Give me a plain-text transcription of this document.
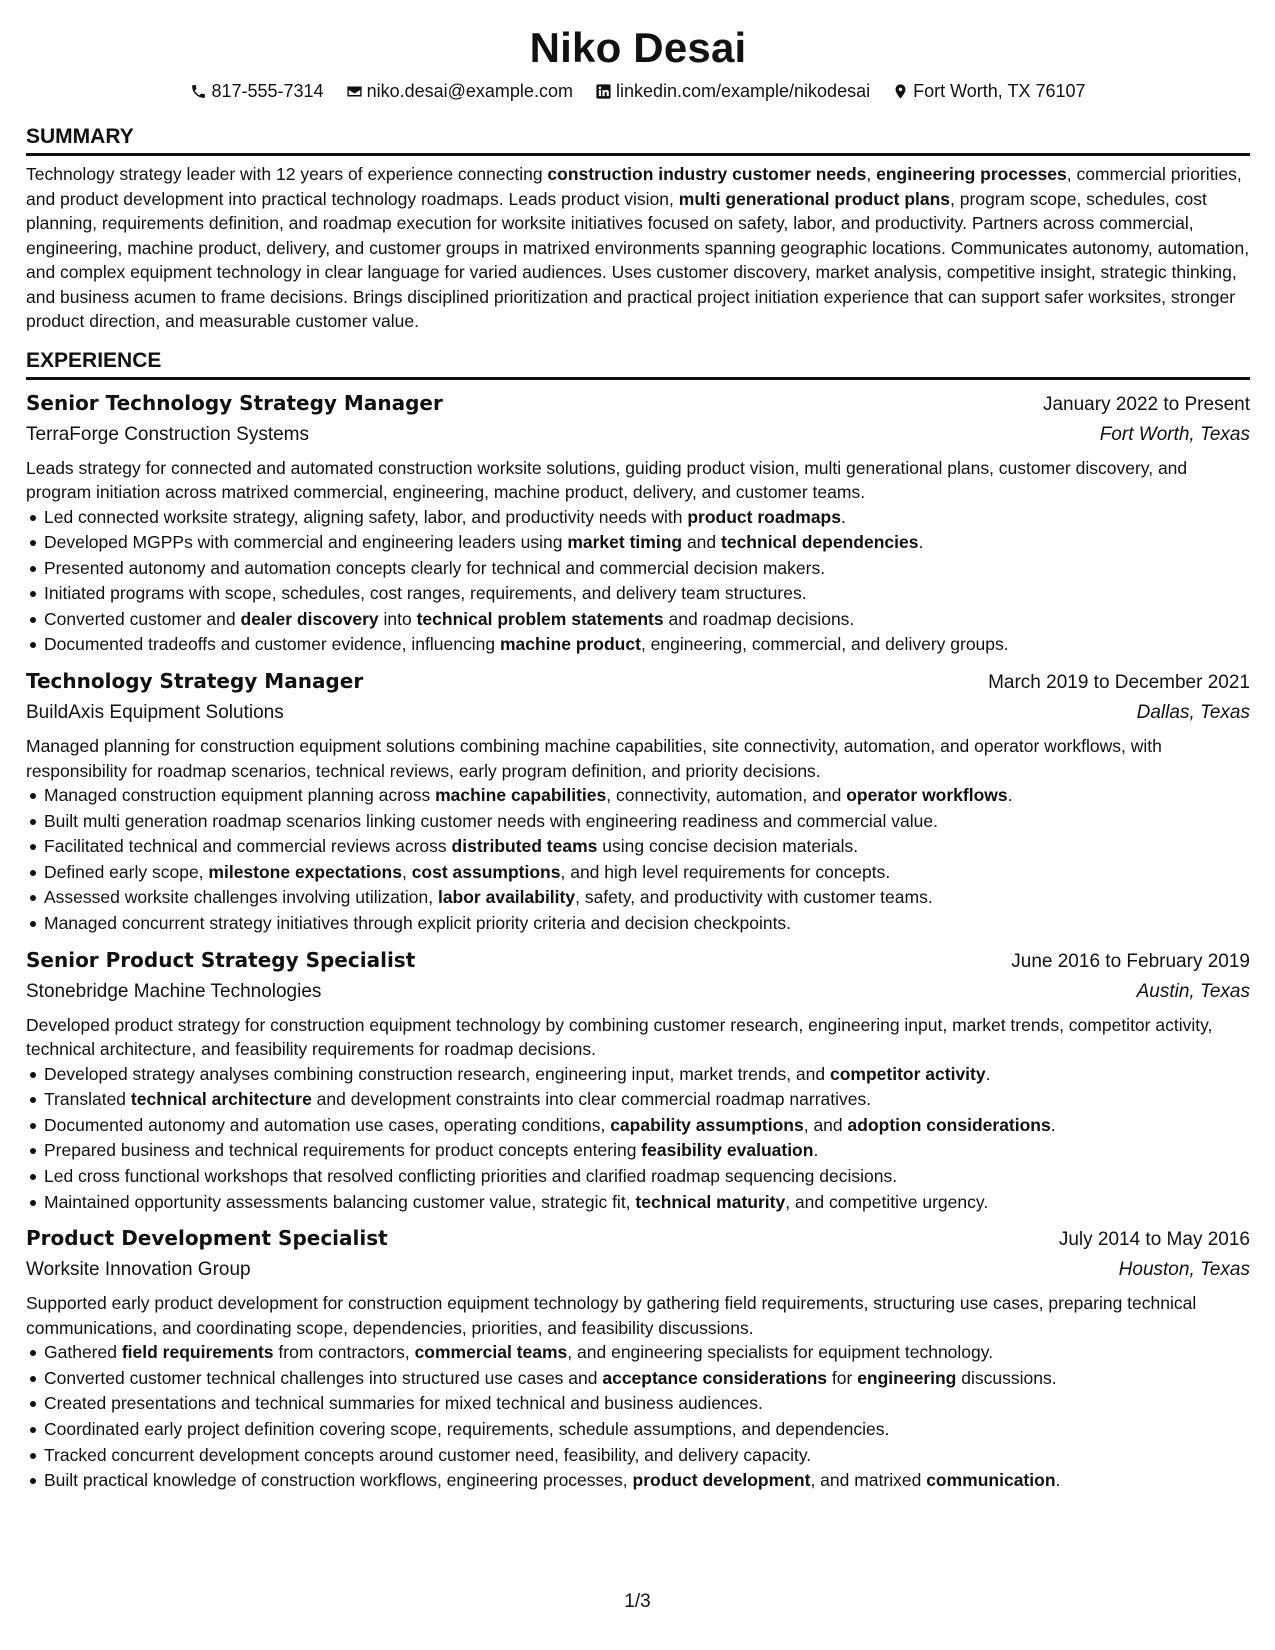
Niko Desai
817-555-7314 niko.desai@example.com linkedin.com/example/nikodesai Fort Worth, TX 76107
SUMMARY

Technology strategy leader with 12 years of experience connecting construction industry customer needs, engineering processes, commercial priorities, and product development into practical technology roadmaps. Leads product vision, multi generational product plans, program scope, schedules, cost planning, requirements definition, and roadmap execution for worksite initiatives focused on safety, labor, and productivity. Partners across commercial, engineering, machine product, delivery, and customer groups in matrixed environments spanning geographic locations. Communicates autonomy, automation, and complex equipment technology in clear language for varied audiences. Uses customer discovery, market analysis, competitive insight, strategic thinking, and business acumen to frame decisions. Brings disciplined prioritization and practical project initiation experience that can support safer worksites, stronger product direction, and measurable customer value.

EXPERIENCE
Senior Technology Strategy Manager	January 2022 to Present
TerraForge Construction Systems	Fort Worth, Texas

Leads strategy for connected and automated construction worksite solutions, guiding product vision, multi generational plans, customer discovery, and program initiation across matrixed commercial, engineering, machine product, delivery, and customer teams.

Led connected worksite strategy, aligning safety, labor, and productivity needs with product roadmaps.
Developed MGPPs with commercial and engineering leaders using market timing and technical dependencies.
Presented autonomy and automation concepts clearly for technical and commercial decision makers.
Initiated programs with scope, schedules, cost ranges, requirements, and delivery team structures.
Converted customer and dealer discovery into technical problem statements and roadmap decisions.
Documented tradeoffs and customer evidence, influencing machine product, engineering, commercial, and delivery groups.
Technology Strategy Manager	March 2019 to December 2021
BuildAxis Equipment Solutions	Dallas, Texas

Managed planning for construction equipment solutions combining machine capabilities, site connectivity, automation, and operator workflows, with responsibility for roadmap scenarios, technical reviews, early program definition, and priority decisions.

Managed construction equipment planning across machine capabilities, connectivity, automation, and operator workflows.
Built multi generation roadmap scenarios linking customer needs with engineering readiness and commercial value.
Facilitated technical and commercial reviews across distributed teams using concise decision materials.
Defined early scope, milestone expectations, cost assumptions, and high level requirements for concepts.
Assessed worksite challenges involving utilization, labor availability, safety, and productivity with customer teams.
Managed concurrent strategy initiatives through explicit priority criteria and decision checkpoints.
Senior Product Strategy Specialist	June 2016 to February 2019
Stonebridge Machine Technologies	Austin, Texas

Developed product strategy for construction equipment technology by combining customer research, engineering input, market trends, competitor activity, technical architecture, and feasibility requirements for roadmap decisions.

Developed strategy analyses combining construction research, engineering input, market trends, and competitor activity.
Translated technical architecture and development constraints into clear commercial roadmap narratives.
Documented autonomy and automation use cases, operating conditions, capability assumptions, and adoption considerations.
Prepared business and technical requirements for product concepts entering feasibility evaluation.
Led cross functional workshops that resolved conflicting priorities and clarified roadmap sequencing decisions.
Maintained opportunity assessments balancing customer value, strategic fit, technical maturity, and competitive urgency.
Product Development Specialist	July 2014 to May 2016
Worksite Innovation Group	Houston, Texas

Supported early product development for construction equipment technology by gathering field requirements, structuring use cases, preparing technical communications, and coordinating scope, dependencies, priorities, and feasibility discussions.

Gathered field requirements from contractors, commercial teams, and engineering specialists for equipment technology.
Converted customer technical challenges into structured use cases and acceptance considerations for engineering discussions.
Created presentations and technical summaries for mixed technical and business audiences.
Coordinated early project definition covering scope, requirements, schedule assumptions, and dependencies.
Tracked concurrent development concepts around customer need, feasibility, and delivery capacity.
Built practical knowledge of construction workflows, engineering processes, product development, and matrixed communication.
1/3
